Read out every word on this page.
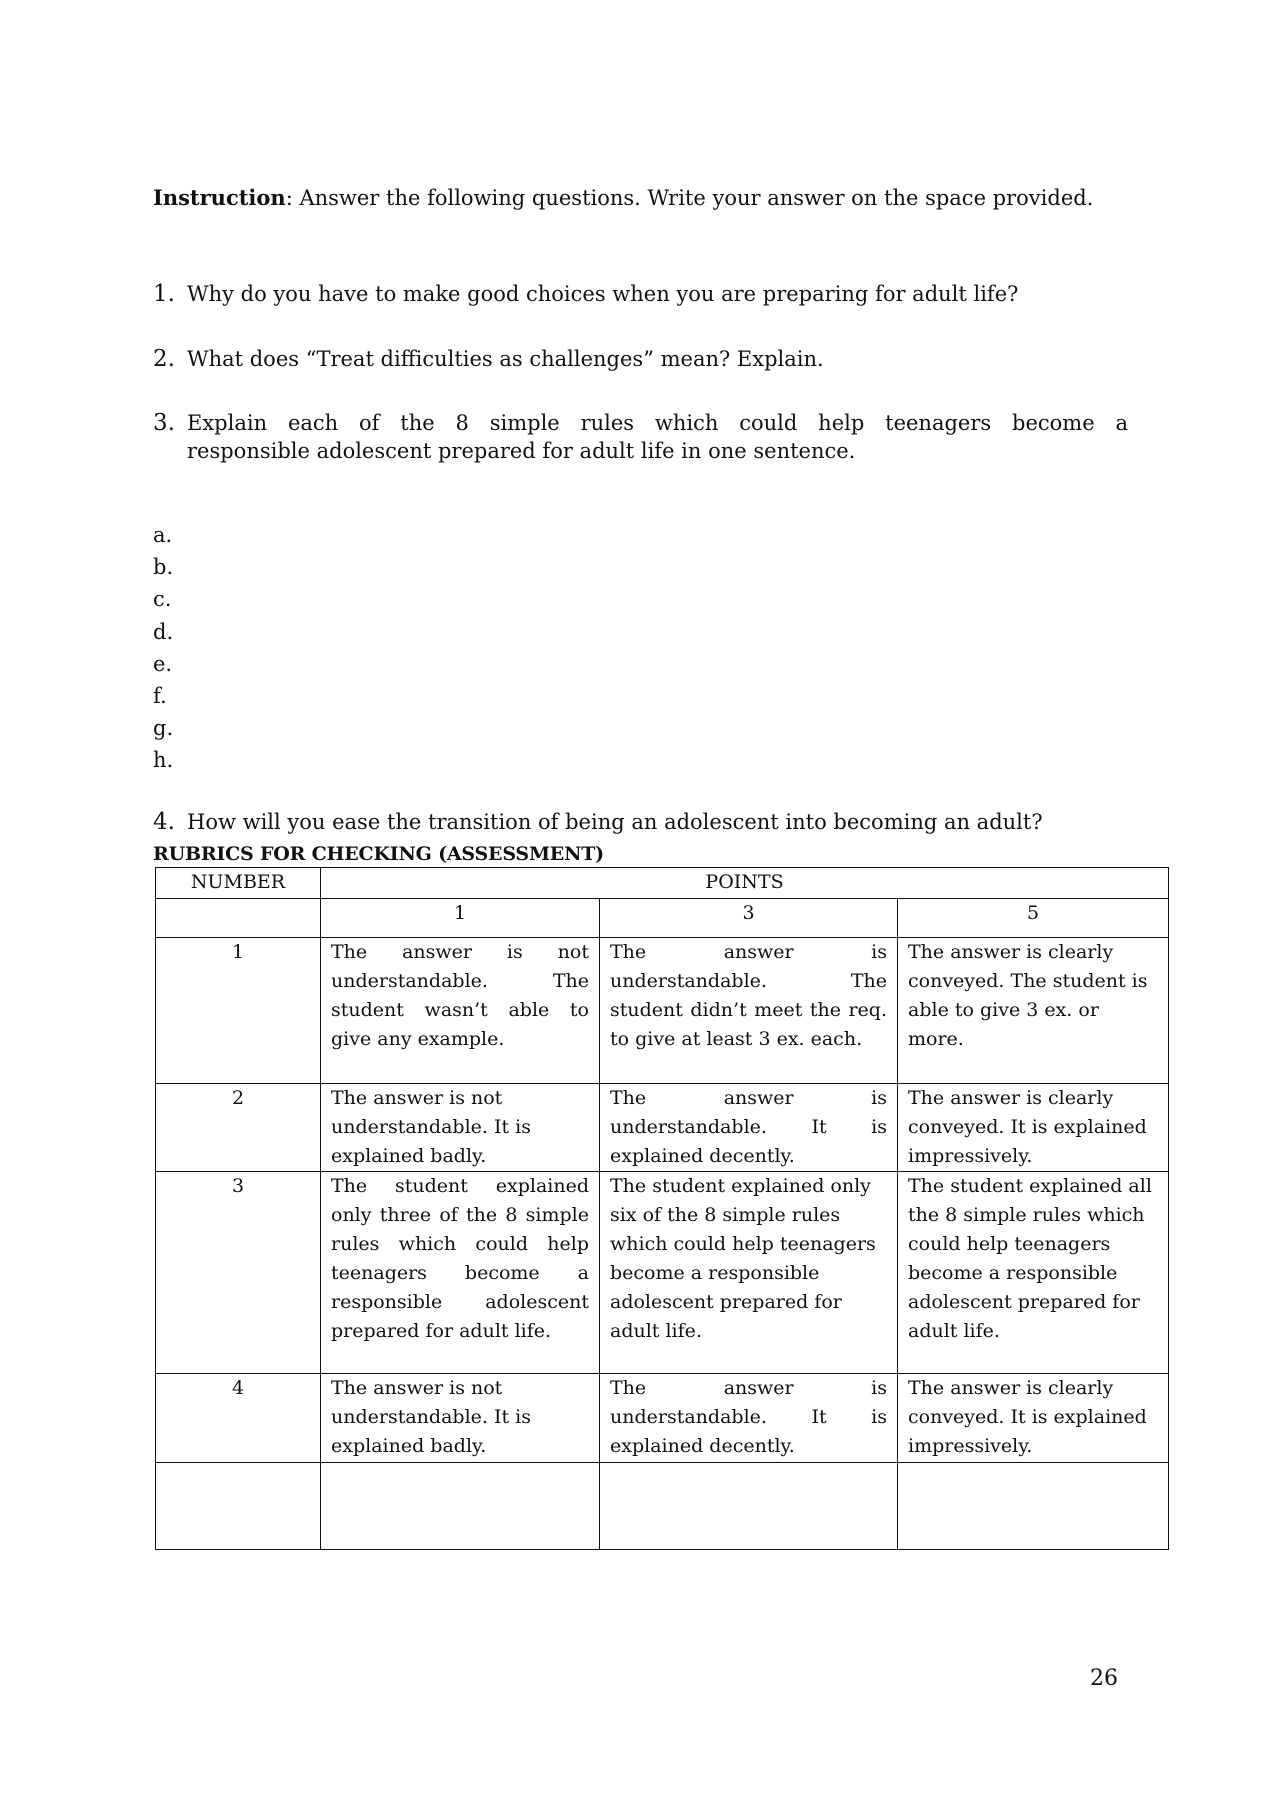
Instruction: Answer the following questions. Write your answer on the space provided.
1. Why do you have to make good choices when you are preparing for adult life?
2. What does “Treat difficulties as challenges” mean? Explain.
3. Explain each of the 8 simple rules which could help teenagers become a
responsible adolescent prepared for adult life in one sentence.
a.
b.
c.
d.
e.
f.
g.
h.
4. How will you ease the transition of being an adolescent into becoming an adult?
RUBRICS FOR CHECKING (ASSESSMENT)
NUMBER	POINTS		
	1	3	5
1	The answer is not understandable. The student wasn’t able to give any example.	The answer is understandable. The student didn’t meet the req. to give at least 3 ex. each.	The answer is clearly conveyed. The student is able to give 3 ex. or more.
2	The answer is not understandable. It is explained badly.	The answer is understandable. It is explained decently.	The answer is clearly conveyed. It is explained impressively.
3	The student explained only three of the 8 simple rules which could help teenagers become a responsible adolescent prepared for adult life.	The student explained only six of the 8 simple rules which could help teenagers become a responsible adolescent prepared for adult life.	The student explained all the 8 simple rules which could help teenagers become a responsible adolescent prepared for adult life.
4	The answer is not understandable. It is explained badly.	The answer is understandable. It is explained decently.	The answer is clearly conveyed. It is explained impressively.

26
